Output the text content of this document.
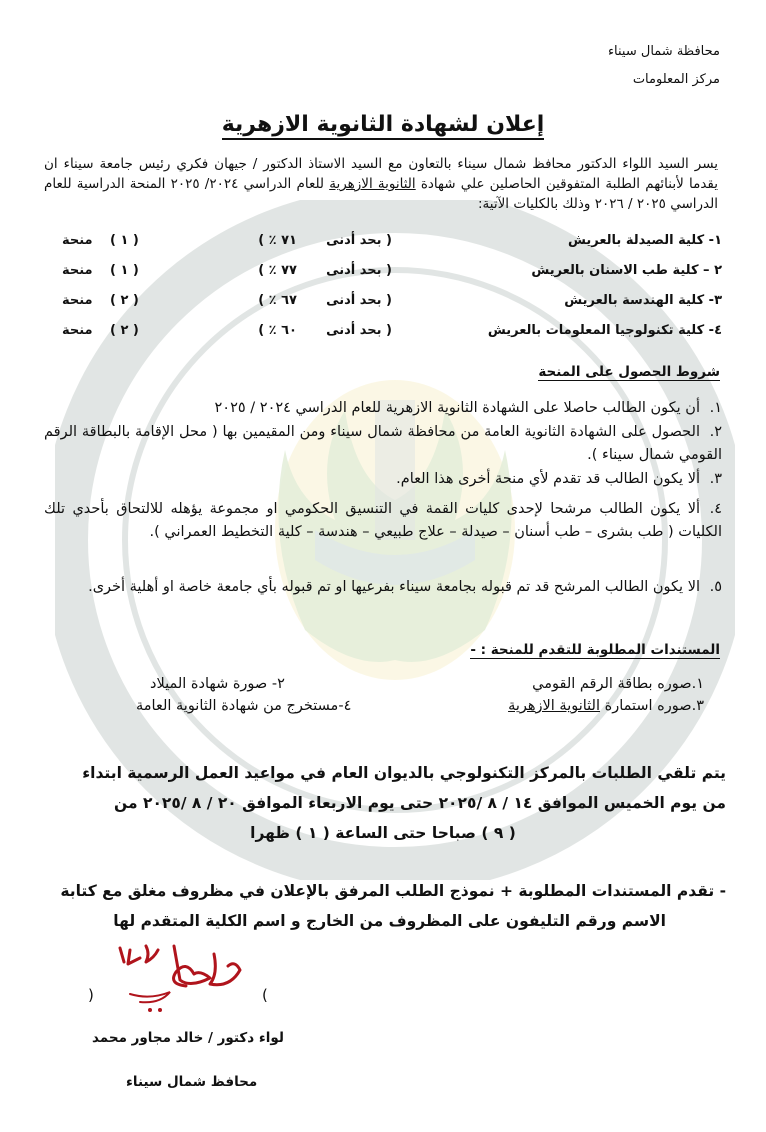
محافظة شمال سيناء
مركز المعلومات
إعلان لشهادة الثانوية الازهرية
يسر السيد اللواء الدكتور محافظ شمال سيناء بالتعاون مع السيد الاستاذ الدكتور / جيهان فكري رئيس جامعة سيناء ان يقدما لأبنائهم الطلبة المتفوقين الحاصلين علي شهادة الثانوية الازهرية للعام الدراسي ٢٠٢٤/ ٢٠٢٥ المنحة الدراسية للعام الدراسي ٢٠٢٥ / ٢٠٢٦ وذلك بالكليات الآتية:
١- كلية الصيدلة بالعريش
( بحد أدنى
٧١ ٪ )
( ١ )
منحة
٢ – كلية طب الاسنان بالعريش
( بحد أدنى
٧٧ ٪ )
( ١ )
منحة
٣- كلية الهندسة بالعريش
( بحد أدنى
٦٧ ٪ )
( ٢ )
منحة
٤- كلية تكنولوجيا المعلومات بالعريش
( بحد أدنى
٦٠ ٪ )
( ٢ )
منحة
شروط الحصول على المنحة
١.أن يكون الطالب حاصلا على الشهادة الثانوية الازهرية للعام الدراسي ٢٠٢٤ / ٢٠٢٥
٢.الحصول على الشهادة الثانوية العامة من محافظة شمال سيناء ومن المقيمين بها ( محل الإقامة بالبطاقة الرقم القومي شمال سيناء ).
٣.ألا يكون الطالب قد تقدم لأي منحة أخرى هذا العام.
٤.ألا يكون الطالب مرشحا لإحدى كليات القمة في التنسيق الحكومي او مجموعة يؤهله للالتحاق بأحدي تلك الكليات ( طب بشرى – طب أسنان – صيدلة – علاج طبيعي – هندسة – كلية التخطيط العمراني ).
٥.الا يكون الطالب المرشح قد تم قبوله بجامعة سيناء بفرعيها او تم قبوله بأي جامعة خاصة او أهلية أخرى.
المستندات المطلوبة للتقدم للمنحة : -
١.صوره بطاقة الرقم القومي
٢- صورة شهادة الميلاد
٣.صوره استمارة الثانوية الازهرية
٤-مستخرج من شهادة الثانوية العامة
يتم تلقي الطلبات بالمركز التكنولوجي بالديوان العام في مواعيد العمل الرسمية ابتداء
من يوم الخميس الموافق ١٤ / ٨ /٢٠٢٥ حتى يوم الاربعاء الموافق ٢٠ / ٨ /٢٠٢٥ من
( ٩ ) صباحا حتى الساعة ( ١ ) ظهرا
- تقدم المستندات المطلوبة + نموذج الطلب المرفق بالإعلان في مظروف مغلق مع كتابة
الاسم ورقم التليفون على المظروف من الخارج و اسم الكلية المتقدم لها
(	)
لواء دكتور / خالد مجاور محمد
محافظ شمال سيناء
